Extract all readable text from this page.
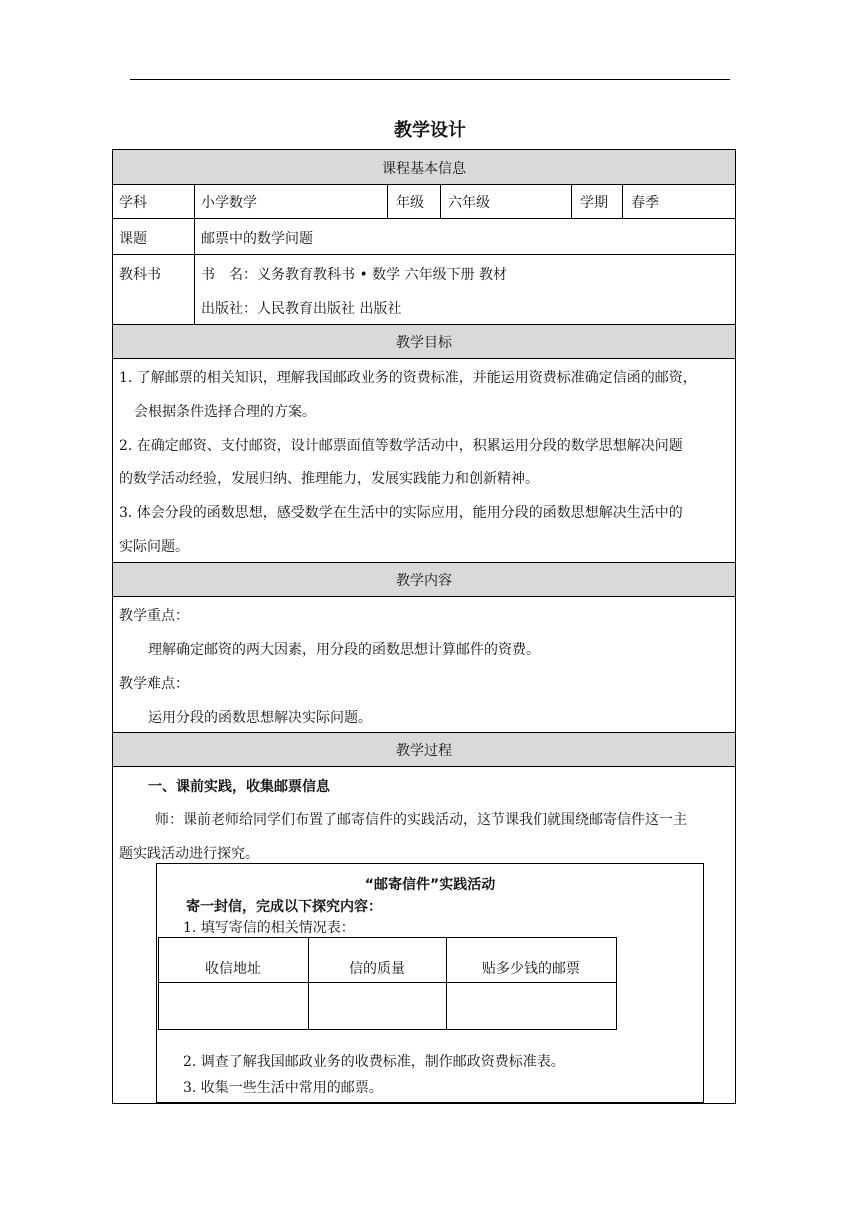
教学设计
课程基本信息
学科	小学数学	年级 六年级	学期 春季
课题	邮票中的数学问题
教科书	书　名：义务教育教科书 • 数学 六年级下册 教材
出版社：人民教育出版社 出版社
教学目标
1. 了解邮票的相关知识，理解我国邮政业务的资费标准，并能运用资费标准确定信函的邮资，
会根据条件选择合理的方案。
2. 在确定邮资、支付邮资，设计邮票面值等数学活动中，积累运用分段的数学思想解决问题
的数学活动经验，发展归纳、推理能力，发展实践能力和创新精神。
3. 体会分段的函数思想，感受数学在生活中的实际应用，能用分段的函数思想解决生活中的
实际问题。
教学内容
教学重点：
理解确定邮资的两大因素，用分段的函数思想计算邮件的资费。
教学难点：
运用分段的函数思想解决实际问题。
教学过程
一、课前实践，收集邮票信息
师：课前老师给同学们布置了邮寄信件的实践活动，这节课我们就围绕邮寄信件这一主
题实践活动进行探究。
“邮寄信件”实践活动
寄一封信，完成以下探究内容：
1. 填写寄信的相关情况表：
收信地址	信的质量	贴多少钱的邮票
2. 调查了解我国邮政业务的收费标准，制作邮政资费标准表。
3. 收集一些生活中常用的邮票。
